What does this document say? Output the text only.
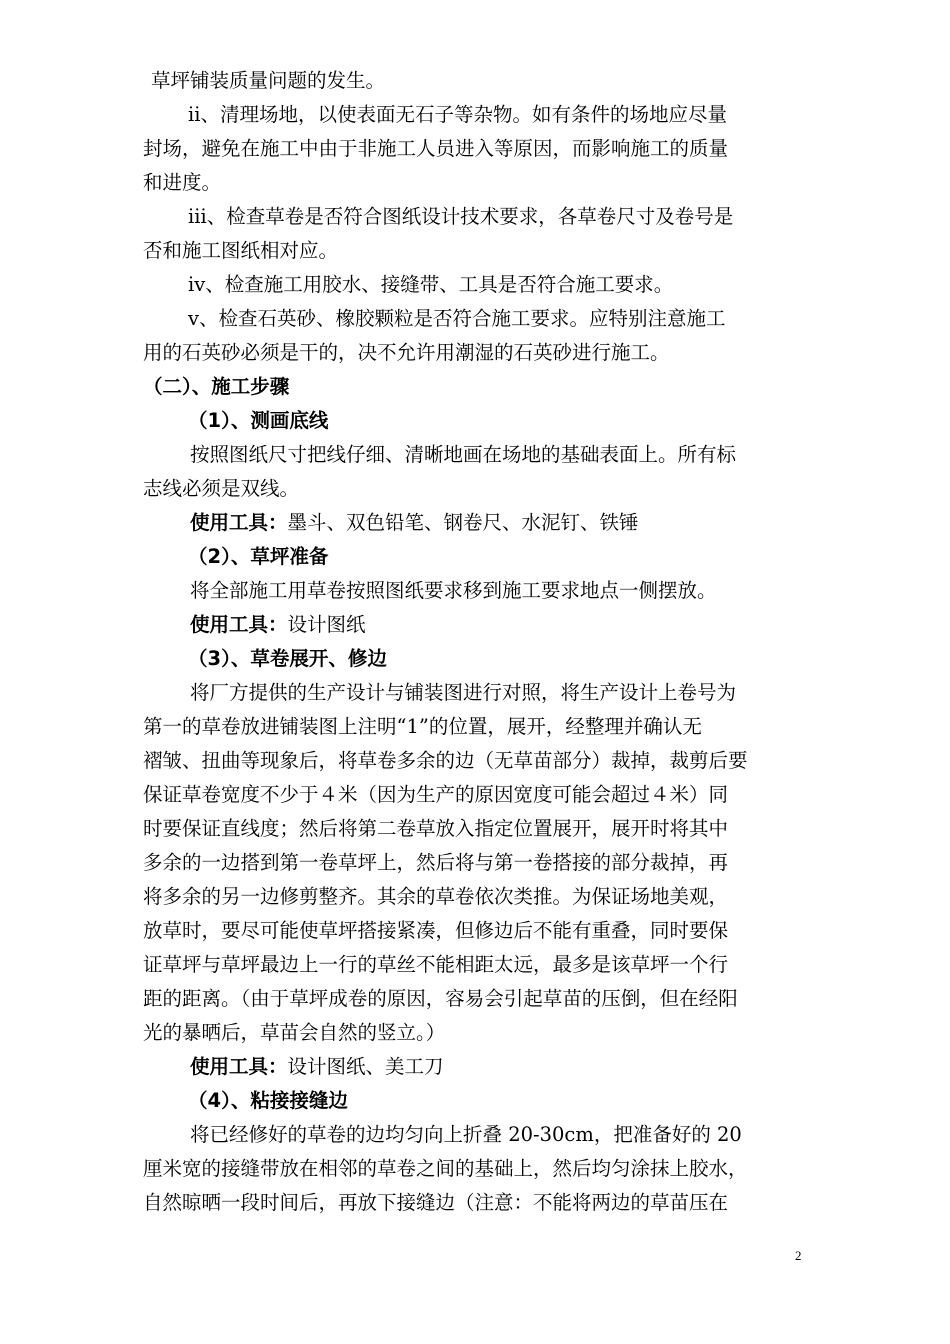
草坪铺装质量问题的发生。
ⅱ、清理场地，以使表面无石子等杂物。如有条件的场地应尽量
封场，避免在施工中由于非施工人员进入等原因，而影响施工的质量
和进度。
ⅲ、检查草卷是否符合图纸设计技术要求，各草卷尺寸及卷号是
否和施工图纸相对应。
ⅳ、检查施工用胶水、接缝带、工具是否符合施工要求。
ⅴ、检查石英砂、橡胶颗粒是否符合施工要求。应特别注意施工
用的石英砂必须是干的，决不允许用潮湿的石英砂进行施工。
（二）、施工步骤
（1）、测画底线
按照图纸尺寸把线仔细、清晰地画在场地的基础表面上。所有标
志线必须是双线。
使用工具：墨斗、双色铅笔、钢卷尺、水泥钉、铁锤
（2）、草坪准备
将全部施工用草卷按照图纸要求移到施工要求地点一侧摆放。
使用工具：设计图纸
（3）、草卷展开、修边
将厂方提供的生产设计与铺装图进行对照，将生产设计上卷号为
第一的草卷放进铺装图上注明“1”的位置，展开，经整理并确认无
褶皱、扭曲等现象后，将草卷多余的边（无草苗部分）裁掉，裁剪后要
保证草卷宽度不少于４米（因为生产的原因宽度可能会超过４米）同
时要保证直线度；然后将第二卷草放入指定位置展开，展开时将其中
多余的一边搭到第一卷草坪上，然后将与第一卷搭接的部分裁掉，再
将多余的另一边修剪整齐。其余的草卷依次类推。为保证场地美观，
放草时，要尽可能使草坪搭接紧凑，但修边后不能有重叠，同时要保
证草坪与草坪最边上一行的草丝不能相距太远，最多是该草坪一个行
距的距离。（由于草坪成卷的原因，容易会引起草苗的压倒，但在经阳
光的暴晒后，草苗会自然的竖立。）
使用工具：设计图纸、美工刀
（4）、粘接接缝边
将已经修好的草卷的边均匀向上折叠 20-30cm，把准备好的 20
厘米宽的接缝带放在相邻的草卷之间的基础上，然后均匀涂抹上胶水，
自然晾晒一段时间后，再放下接缝边（注意：不能将两边的草苗压在
2
